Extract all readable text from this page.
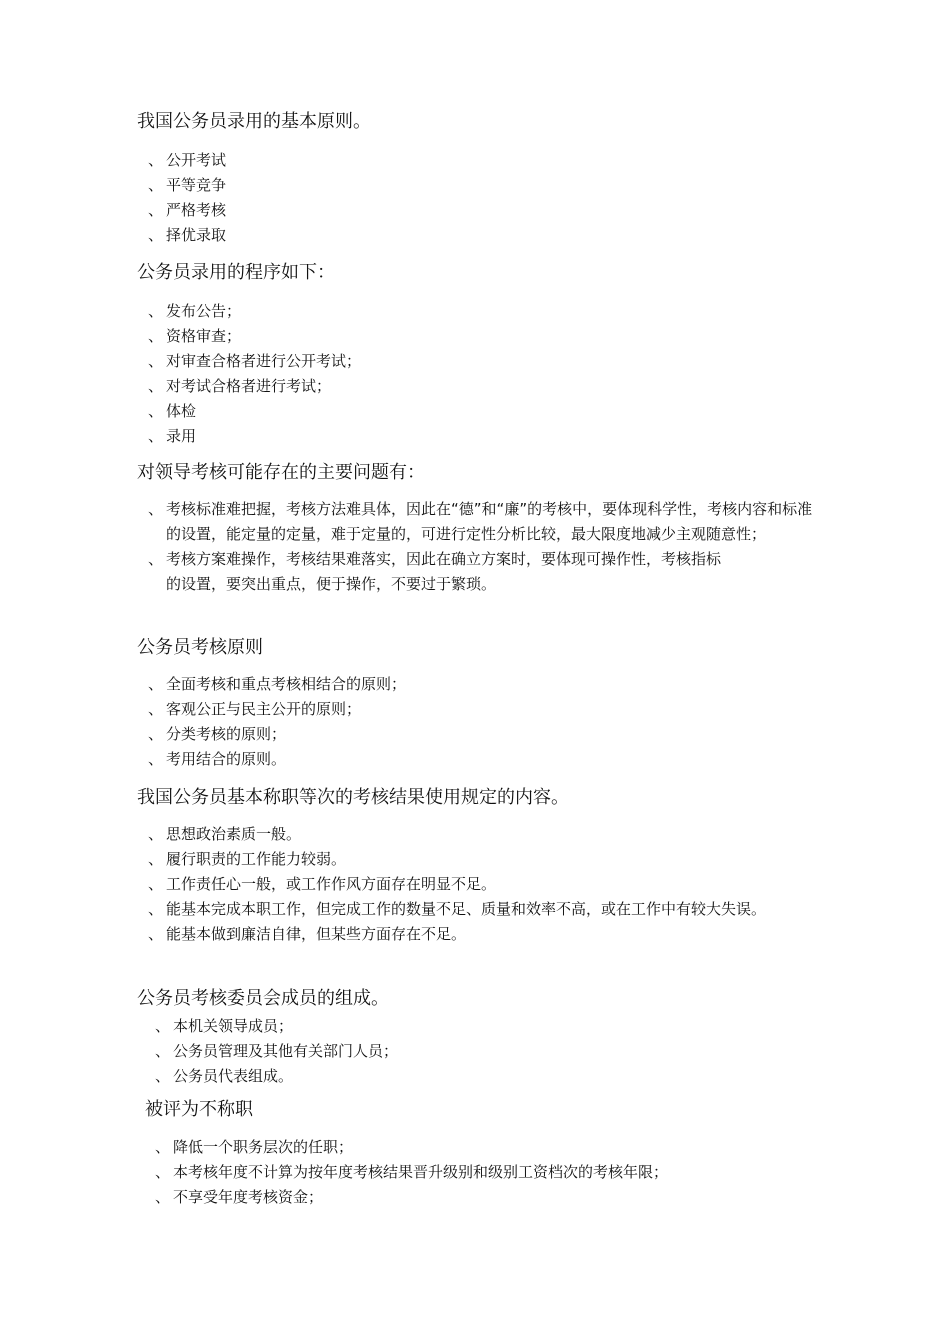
我国公务员录用的基本原则。
、 公开考试
、 平等竞争
、 严格考核
、 择优录取
公务员录用的程序如下：
、 发布公告；
、 资格审查；
、 对审查合格者进行公开考试；
、 对考试合格者进行考试；
、 体检
、 录用
对领导考核可能存在的主要问题有：
、 考核标准难把握，考核方法难具体，因此在“德”和“廉”的考核中，要体现科学性，考核内容和标准的设置，能定量的定量，难于定量的，可进行定性分析比较，最大限度地减少主观随意性；
、 考核方案难操作，考核结果难落实，因此在确立方案时，要体现可操作性，考核指标的设置，要突出重点，便于操作，不要过于繁琐。
公务员考核原则
、 全面考核和重点考核相结合的原则；
、 客观公正与民主公开的原则；
、 分类考核的原则；
、 考用结合的原则。
我国公务员基本称职等次的考核结果使用规定的内容。
、 思想政治素质一般。
、 履行职责的工作能力较弱。
、 工作责任心一般，或工作作风方面存在明显不足。
、 能基本完成本职工作，但完成工作的数量不足、质量和效率不高，或在工作中有较大失误。
、 能基本做到廉洁自律，但某些方面存在不足。
公务员考核委员会成员的组成。
、 本机关领导成员；
、 公务员管理及其他有关部门人员；
、 公务员代表组成。
被评为不称职
、 降低一个职务层次的任职；
、 本考核年度不计算为按年度考核结果晋升级别和级别工资档次的考核年限；
、 不享受年度考核资金；
